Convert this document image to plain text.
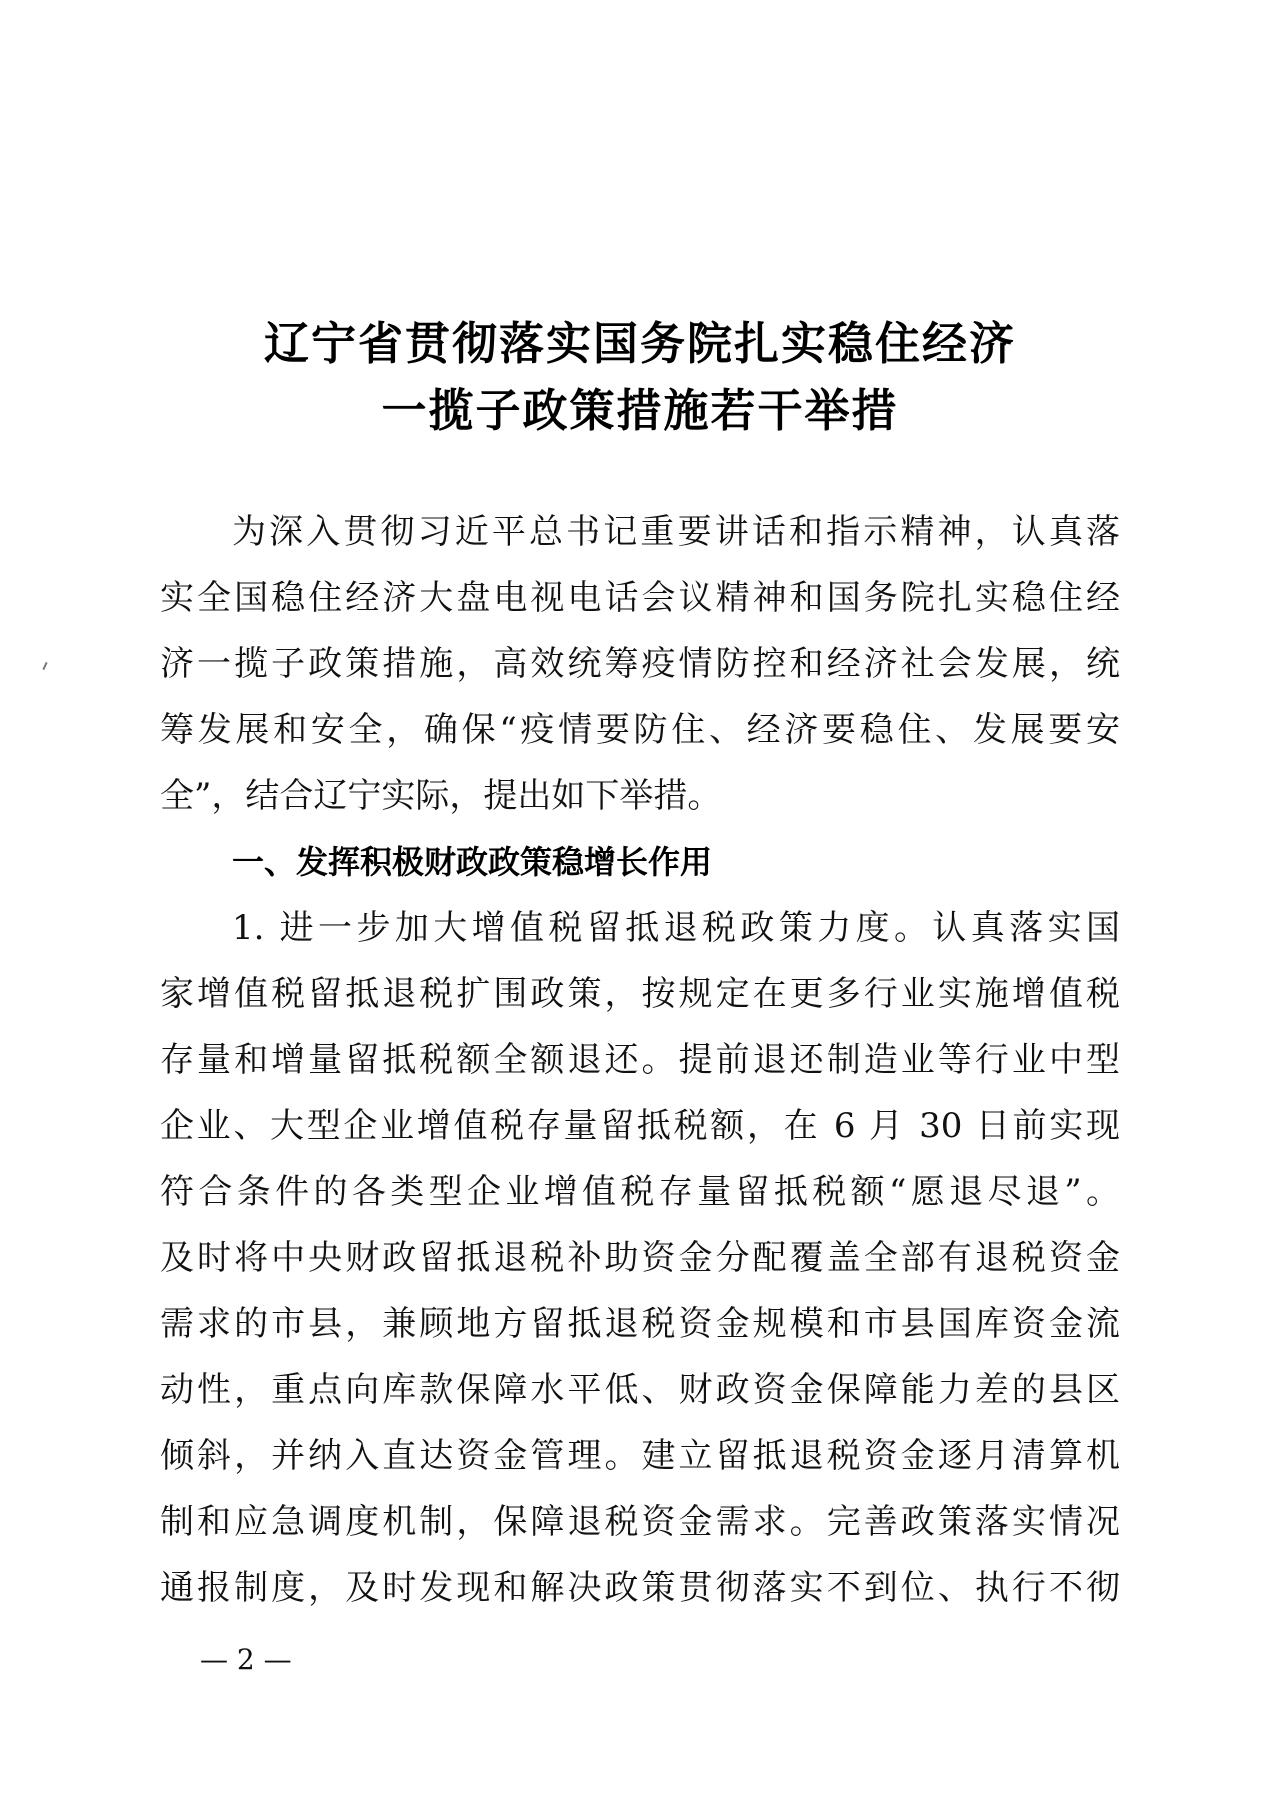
辽宁省贯彻落实国务院扎实稳住经济
一揽子政策措施若干举措
为深入贯彻习近平总书记重要讲话和指示精神，认真落
实全国稳住经济大盘电视电话会议精神和国务院扎实稳住经
济一揽子政策措施，高效统筹疫情防控和经济社会发展，统
筹发展和安全，确保“疫情要防住、经济要稳住、发展要安
全”，结合辽宁实际，提出如下举措。
一、发挥积极财政政策稳增长作用
1. 进一步加大增值税留抵退税政策力度。认真落实国
家增值税留抵退税扩围政策，按规定在更多行业实施增值税
存量和增量留抵税额全额退还。提前退还制造业等行业中型
企业、大型企业增值税存量留抵税额，在 6 月 30 日前实现
符合条件的各类型企业增值税存量留抵税额“愿退尽退”。
及时将中央财政留抵退税补助资金分配覆盖全部有退税资金
需求的市县，兼顾地方留抵退税资金规模和市县国库资金流
动性，重点向库款保障水平低、财政资金保障能力差的县区
倾斜，并纳入直达资金管理。建立留抵退税资金逐月清算机
制和应急调度机制，保障退税资金需求。完善政策落实情况
通报制度，及时发现和解决政策贯彻落实不到位、执行不彻
— 2 —
